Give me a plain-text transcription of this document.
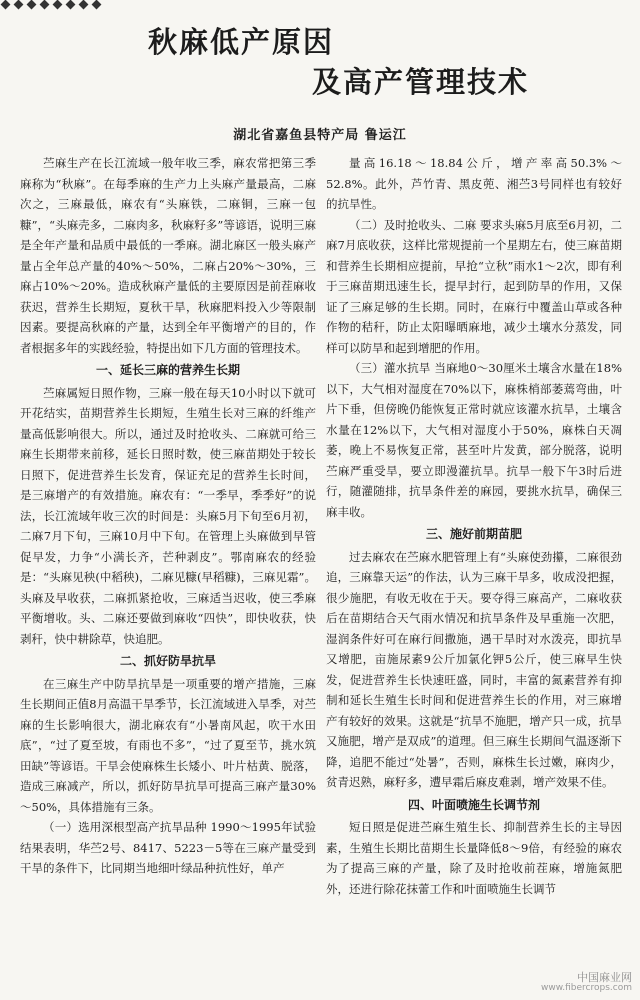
秋麻低产原因
及高产管理技术
湖北省嘉鱼县特产局 鲁运江

苎麻生产在长江流域一般年收三季，麻农常把第三季麻称为“秋麻”。在每季麻的生产力上头麻产量最高，二麻次之，三麻最低，麻农有“头麻铁，二麻铜，三麻一包糠”，“头麻壳多，二麻肉多，秋麻籽多”等谚语，说明三麻是全年产量和品质中最低的一季麻。湖北麻区一般头麻产量占全年总产量的40%～50%，二麻占20%～30%，三麻占10%～20%。造成秋麻产量低的主要原因是前茬麻收获迟，营养生长期短，夏秋干旱，秋麻肥料投入少等限制因素。要提高秋麻的产量，达到全年平衡增产的目的，作者根据多年的实践经验，特提出如下几方面的管理技术。

一、延长三麻的营养生长期

苎麻属短日照作物，三麻一般在每天10小时以下就可开花结实，苗期营养生长期短，生殖生长对三麻的纤维产量高低影响很大。所以，通过及时抢收头、二麻就可给三麻生长期带来前移，延长日照时数，使三麻苗期处于较长日照下，促进营养生长发育，保证充足的营养生长时间，是三麻增产的有效措施。麻农有：“一季早，季季好”的说法，长江流域年收三次的时间是：头麻5月下旬至6月初，二麻7月下旬，三麻10月中下旬。在管理上头麻做到早管促早发，力争“小满长齐，芒种剥皮”。鄂南麻农的经验是：“头麻见秧(中稻秧)，二麻见糠(早稻糠)，三麻见霜”。头麻及早收获，二麻抓紧抢收，三麻适当迟收，使三季麻平衡增收。头、二麻还要做到麻收“四快”，即快收获，快剥秆，快中耕除草，快追肥。

二、抓好防旱抗旱

在三麻生产中防旱抗旱是一项重要的增产措施，三麻生长期间正值8月高温干旱季节，长江流域进入旱季，对苎麻的生长影响很大，湖北麻农有“小暑南风起，吹干水田底”，“过了夏至坡，有雨也不多”，“过了夏至节，挑水筑田缺”等谚语。干旱会使麻株生长矮小、叶片枯黄、脱落，造成三麻减产，所以，抓好防旱抗旱可提高三麻产量30%～50%，具体措施有三条。

（一）选用深根型高产抗旱品种 1990～1995年试验结果表明，华苎2号、8417、5223－5等在三麻产量受到干旱的条件下，比同期当地细叶绿品种抗性好，单产

量高16.18～18.84公斤，增产率高50.3%～52.8%。此外，芦竹青、黑皮蔸、湘苎3号同样也有较好的抗旱性。

（二）及时抢收头、二麻 要求头麻5月底至6月初，二麻7月底收获，这样比常规提前一个星期左右，使三麻苗期和营养生长期相应提前，早抢“立秋”雨水1～2次，即有利于三麻苗期迅速生长，提早封行，起到防旱的作用，又保证了三麻足够的生长期。同时，在麻行中覆盖山草或各种作物的秸秆，防止太阳曝晒麻地，减少土壤水分蒸发，同样可以防旱和起到增肥的作用。

（三）灌水抗旱 当麻地0～30厘米土壤含水量在18%以下，大气相对湿度在70%以下，麻株梢部萎蔫弯曲，叶片下垂，但傍晚仍能恢复正常时就应该灌水抗旱，土壤含水量在12%以下，大气相对湿度小于50%，麻株白天凋萎，晚上不易恢复正常，甚至叶片发黄，部分脱落，说明苎麻严重受旱，要立即漫灌抗旱。抗旱一般下午3时后进行，随灌随排，抗旱条件差的麻园，要挑水抗旱，确保三麻丰收。

三、施好前期苗肥

过去麻农在苎麻水肥管理上有“头麻使劲攥，二麻很劲追，三麻靠天运”的作法，认为三麻干旱多，收成没把握，很少施肥，有收无收在于天。要夺得三麻高产，二麻收获后在苗期结合天气雨水情况和抗旱条件及早重施一次肥，湿润条件好可在麻行间撒施，遇干旱时对水泼亮，即抗旱又增肥，亩施尿素9公斤加氯化钾5公斤，使三麻早生快发，促进营养生长快速旺盛，同时，丰富的氮素营养有抑制和延长生殖生长时间和促进营养生长的作用，对三麻增产有较好的效果。这就是“抗旱不施肥，增产只一成，抗旱又施肥，增产是双成”的道理。但三麻生长期间气温逐渐下降，追肥不能过“处暑”，否则，麻株生长过嫩，麻肉少，贫青迟熟，麻籽多，遭早霜后麻皮难剥，增产效果不佳。

四、叶面喷施生长调节剂

短日照是促进苎麻生殖生长、抑制营养生长的主导因素，生殖生长期比苗期生长量降低8～9倍，有经验的麻农为了提高三麻的产量，除了及时抢收前茬麻，增施氮肥外，还进行除花抹蕾工作和叶面喷施生长调节

中国麻业网
www.fibercrops.com
